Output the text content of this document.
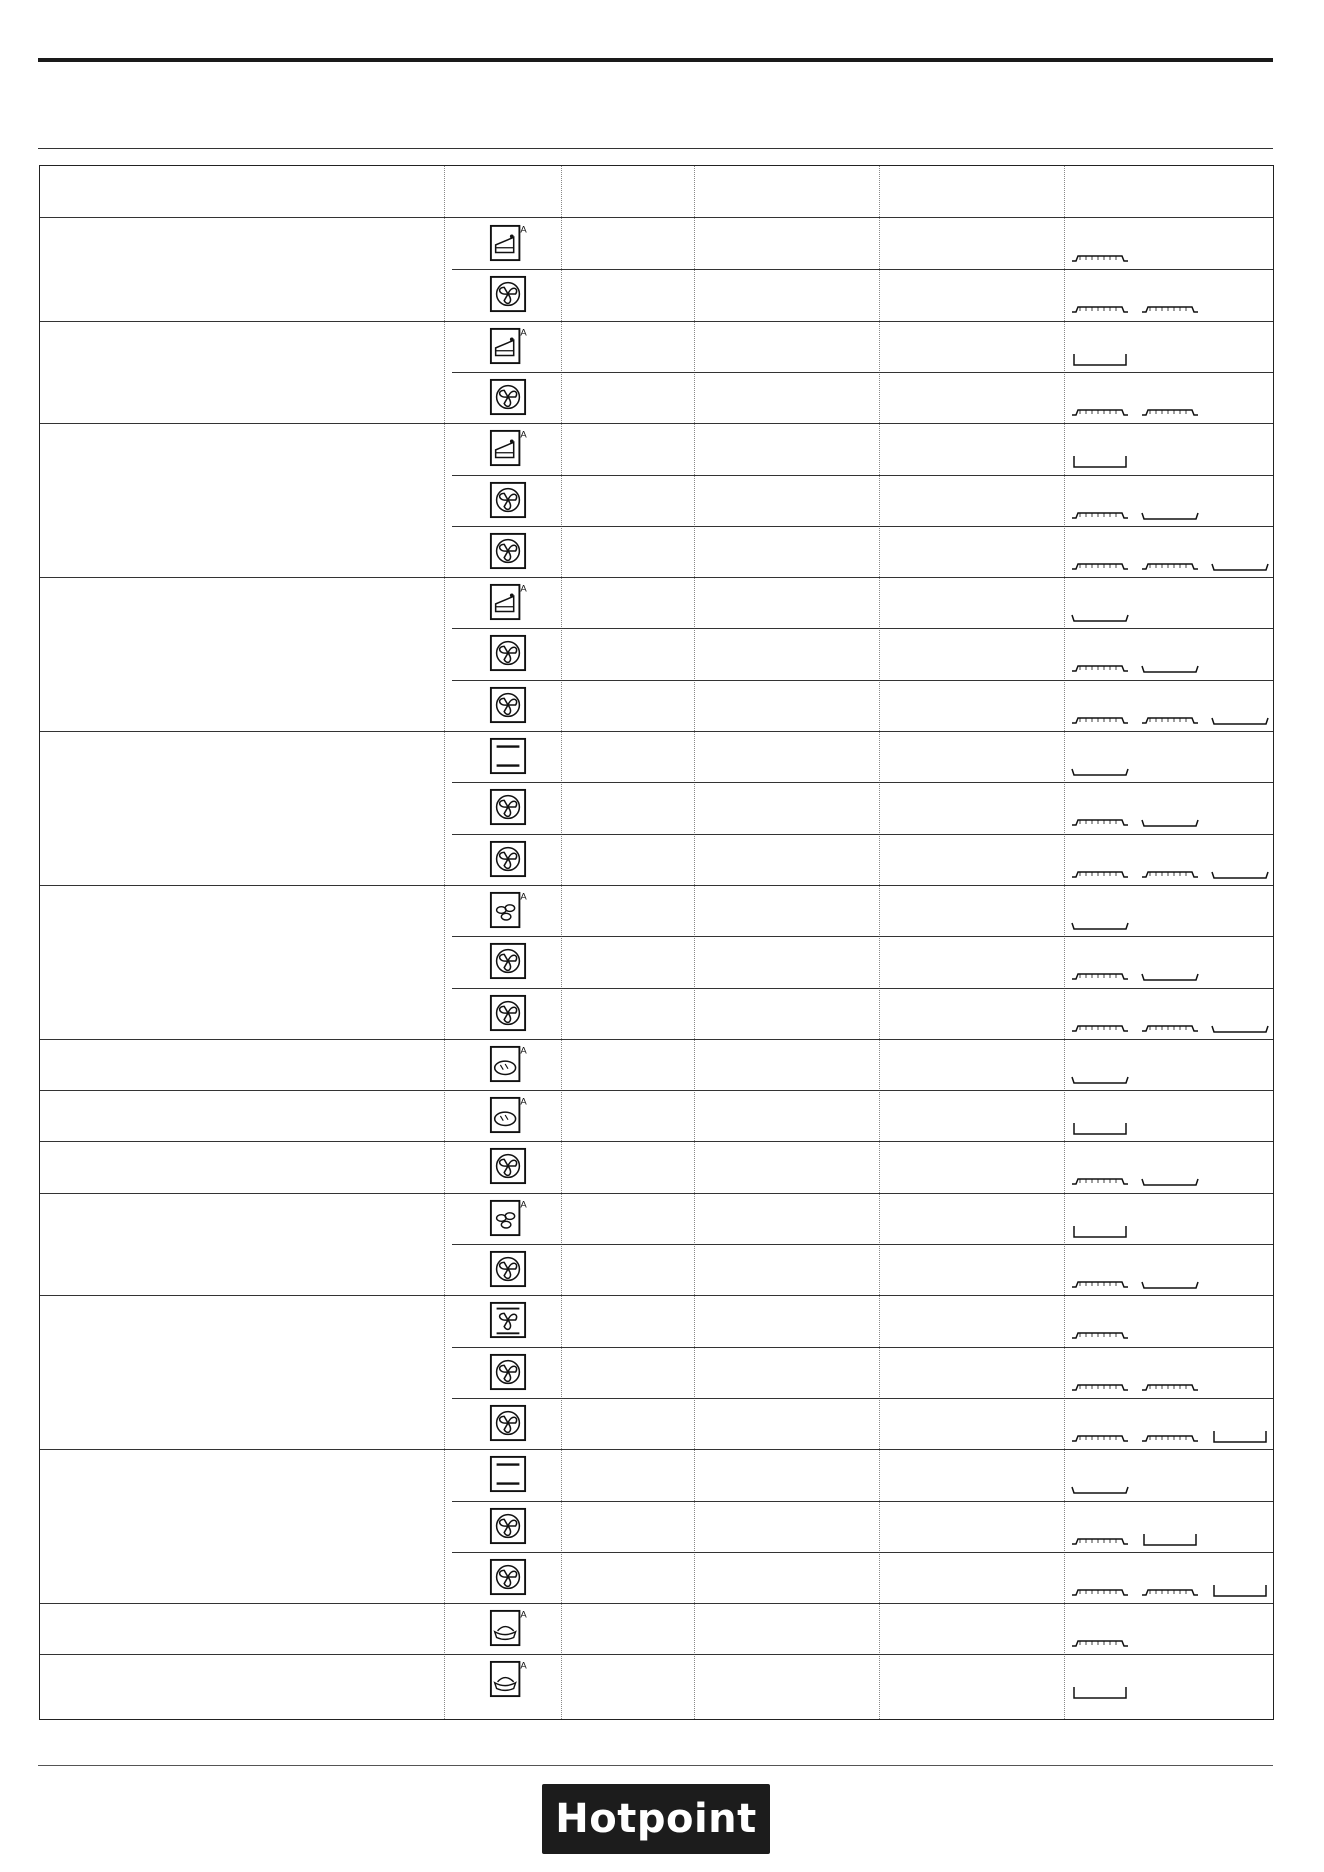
A
A
A
A
A
A
A
A
A
A
Hotpoint
